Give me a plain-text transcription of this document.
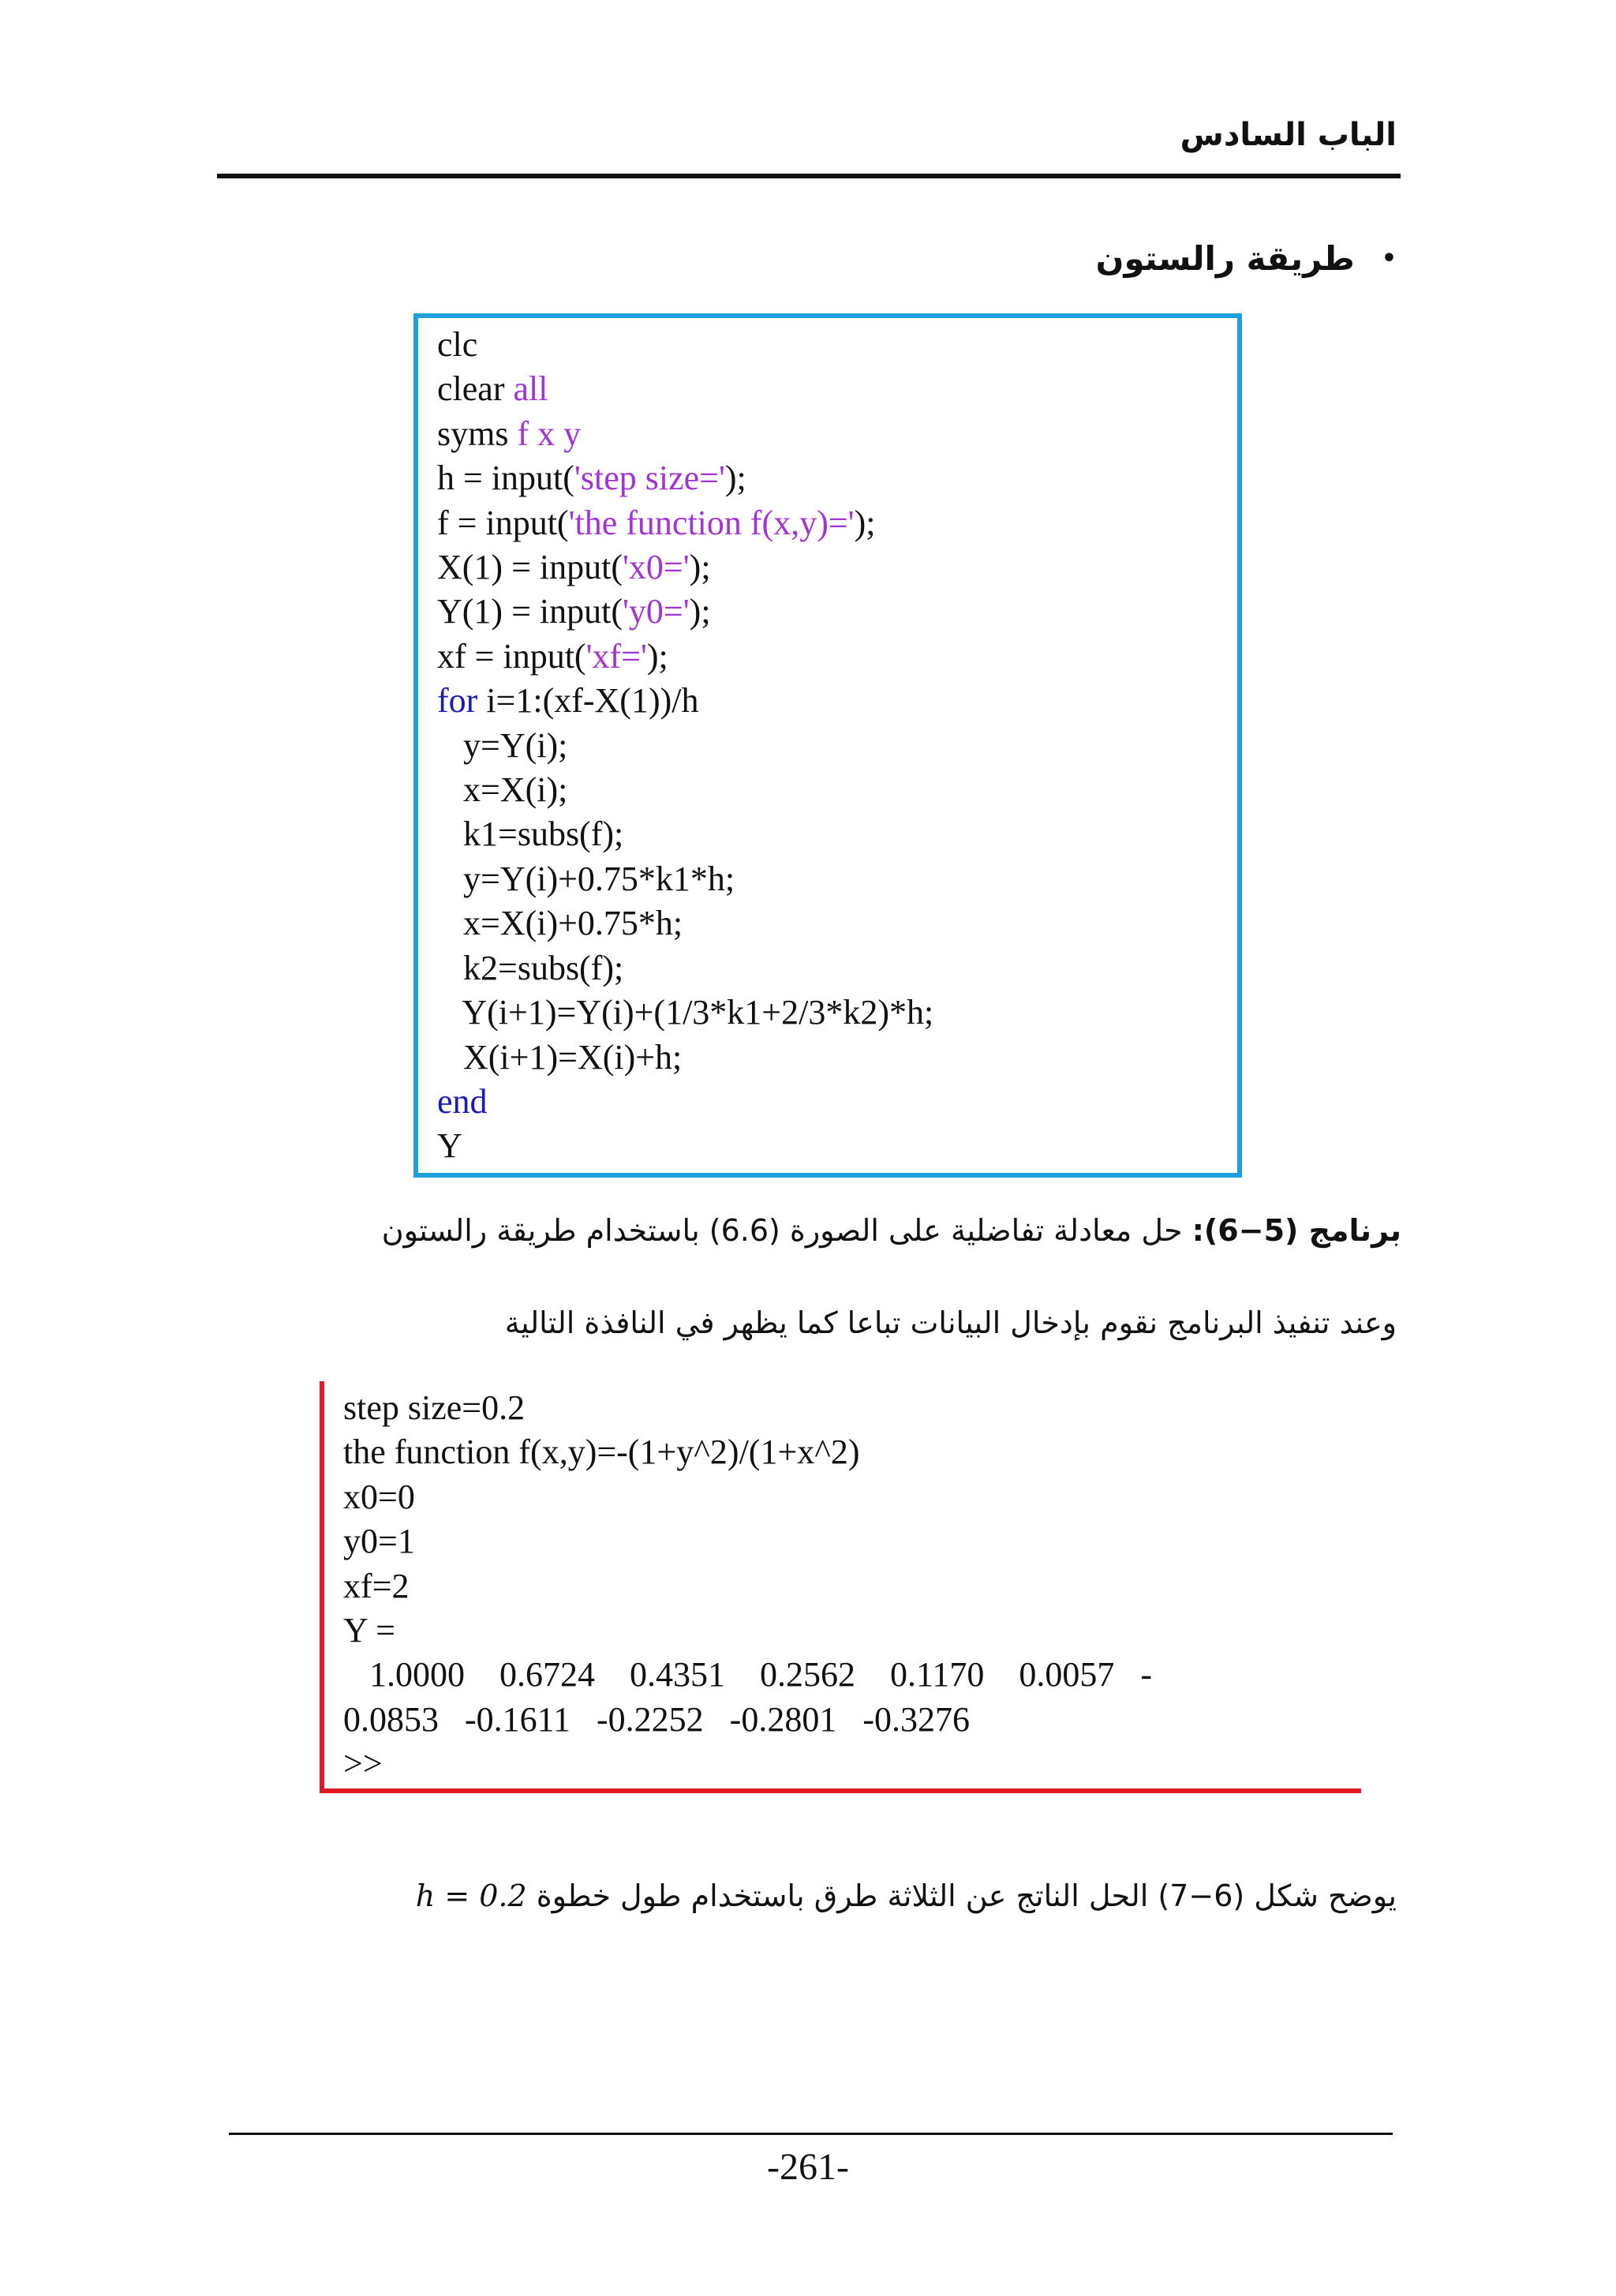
الباب السادس
•
طريقة رالستون
clc
clear all
syms f x y
h = input('step size=');
f = input('the function f(x,y)=');
X(1) = input('x0=');
Y(1) = input('y0=');
xf = input('xf=');
for i=1:(xf-X(1))/h
y=Y(i);
x=X(i);
k1=subs(f);
y=Y(i)+0.75*k1*h;
x=X(i)+0.75*h;
k2=subs(f);
Y(i+1)=Y(i)+(1/3*k1+2/3*k2)*h;
X(i+1)=X(i)+h;
end
Y
برنامج (5−6): حل معادلة تفاضلية على الصورة (6.6) باستخدام طريقة رالستون
وعند تنفيذ البرنامج نقوم بإدخال البيانات تباعا كما يظهر في النافذة التالية
step size=0.2
the function f(x,y)=-(1+y^2)/(1+x^2)
x0=0
y0=1
xf=2
Y =
1.0000    0.6724    0.4351    0.2562    0.1170    0.0057   -
0.0853   -0.1611   -0.2252   -0.2801   -0.3276
>>
يوضح شكل (6−7) الحل الناتج عن الثلاثة طرق باستخدام طول خطوة h = 0.2
-261-
